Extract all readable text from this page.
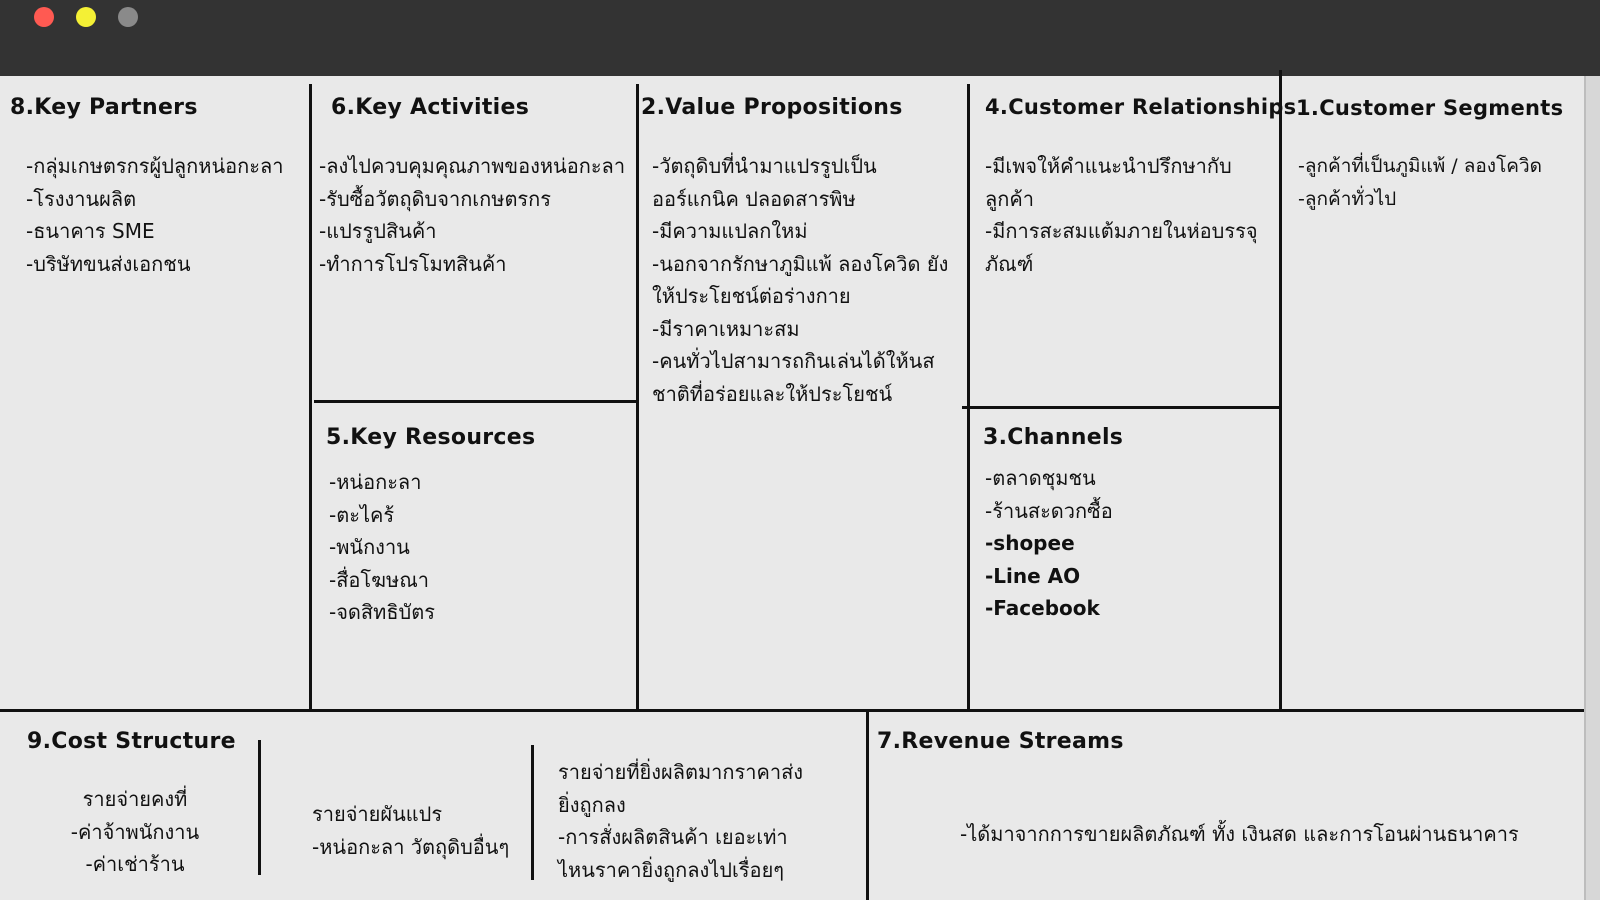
8.Key Partners
-กลุ่มเกษตรกรผู้ปลูกหน่อกะลา
-โรงงานผลิต
-ธนาคาร SME
-บริษัทขนส่งเอกชน
6.Key Activities
-ลงไปควบคุมคุณภาพของหน่อกะลา
-รับซื้อวัตถุดิบจากเกษตรกร
-แปรรูปสินค้า
-ทำการโปรโมทสินค้า
5.Key Resources
-หน่อกะลา
-ตะไคร้
-พนักงาน
-สื่อโฆษณา
-จดสิทธิบัตร
2.Value Propositions
-วัตถุดิบที่นำมาแปรรูปเป็น
ออร์แกนิค ปลอดสารพิษ
-มีความแปลกใหม่
-นอกจากรักษาภูมิแพ้ ลองโควิด ยัง
ให้ประโยชน์ต่อร่างกาย
-มีราคาเหมาะสม
-คนทั่วไปสามารถกินเล่นได้ให้นส
ชาติที่อร่อยและให้ประโยชน์
4.Customer Relationships
-มีเพจให้คำแนะนำปรึกษากับ
ลูกค้า
-มีการสะสมแต้มภายในห่อบรรจุ
ภัณฑ์
3.Channels
-ตลาดชุมชน
-ร้านสะดวกซื้อ
-shopee
-Line AO
-Facebook
1.Customer Segments
-ลูกค้าที่เป็นภูมิแพ้ / ลองโควิด
-ลูกค้าทั่วไป
9.Cost Structure
รายจ่ายคงที่
-ค่าจ้าพนักงาน
-ค่าเช่าร้าน
รายจ่ายผันแปร
-หน่อกะลา วัตถุดิบอื่นๆ
รายจ่ายที่ยิ่งผลิตมากราคาส่ง
ยิ่งถูกลง
-การสั่งผลิตสินค้า เยอะเท่า
ไหนราคายิ่งถูกลงไปเรื่อยๆ
7.Revenue Streams
-ได้มาจากการขายผลิตภัณฑ์ ทั้ง เงินสด และการโอนผ่านธนาคาร
